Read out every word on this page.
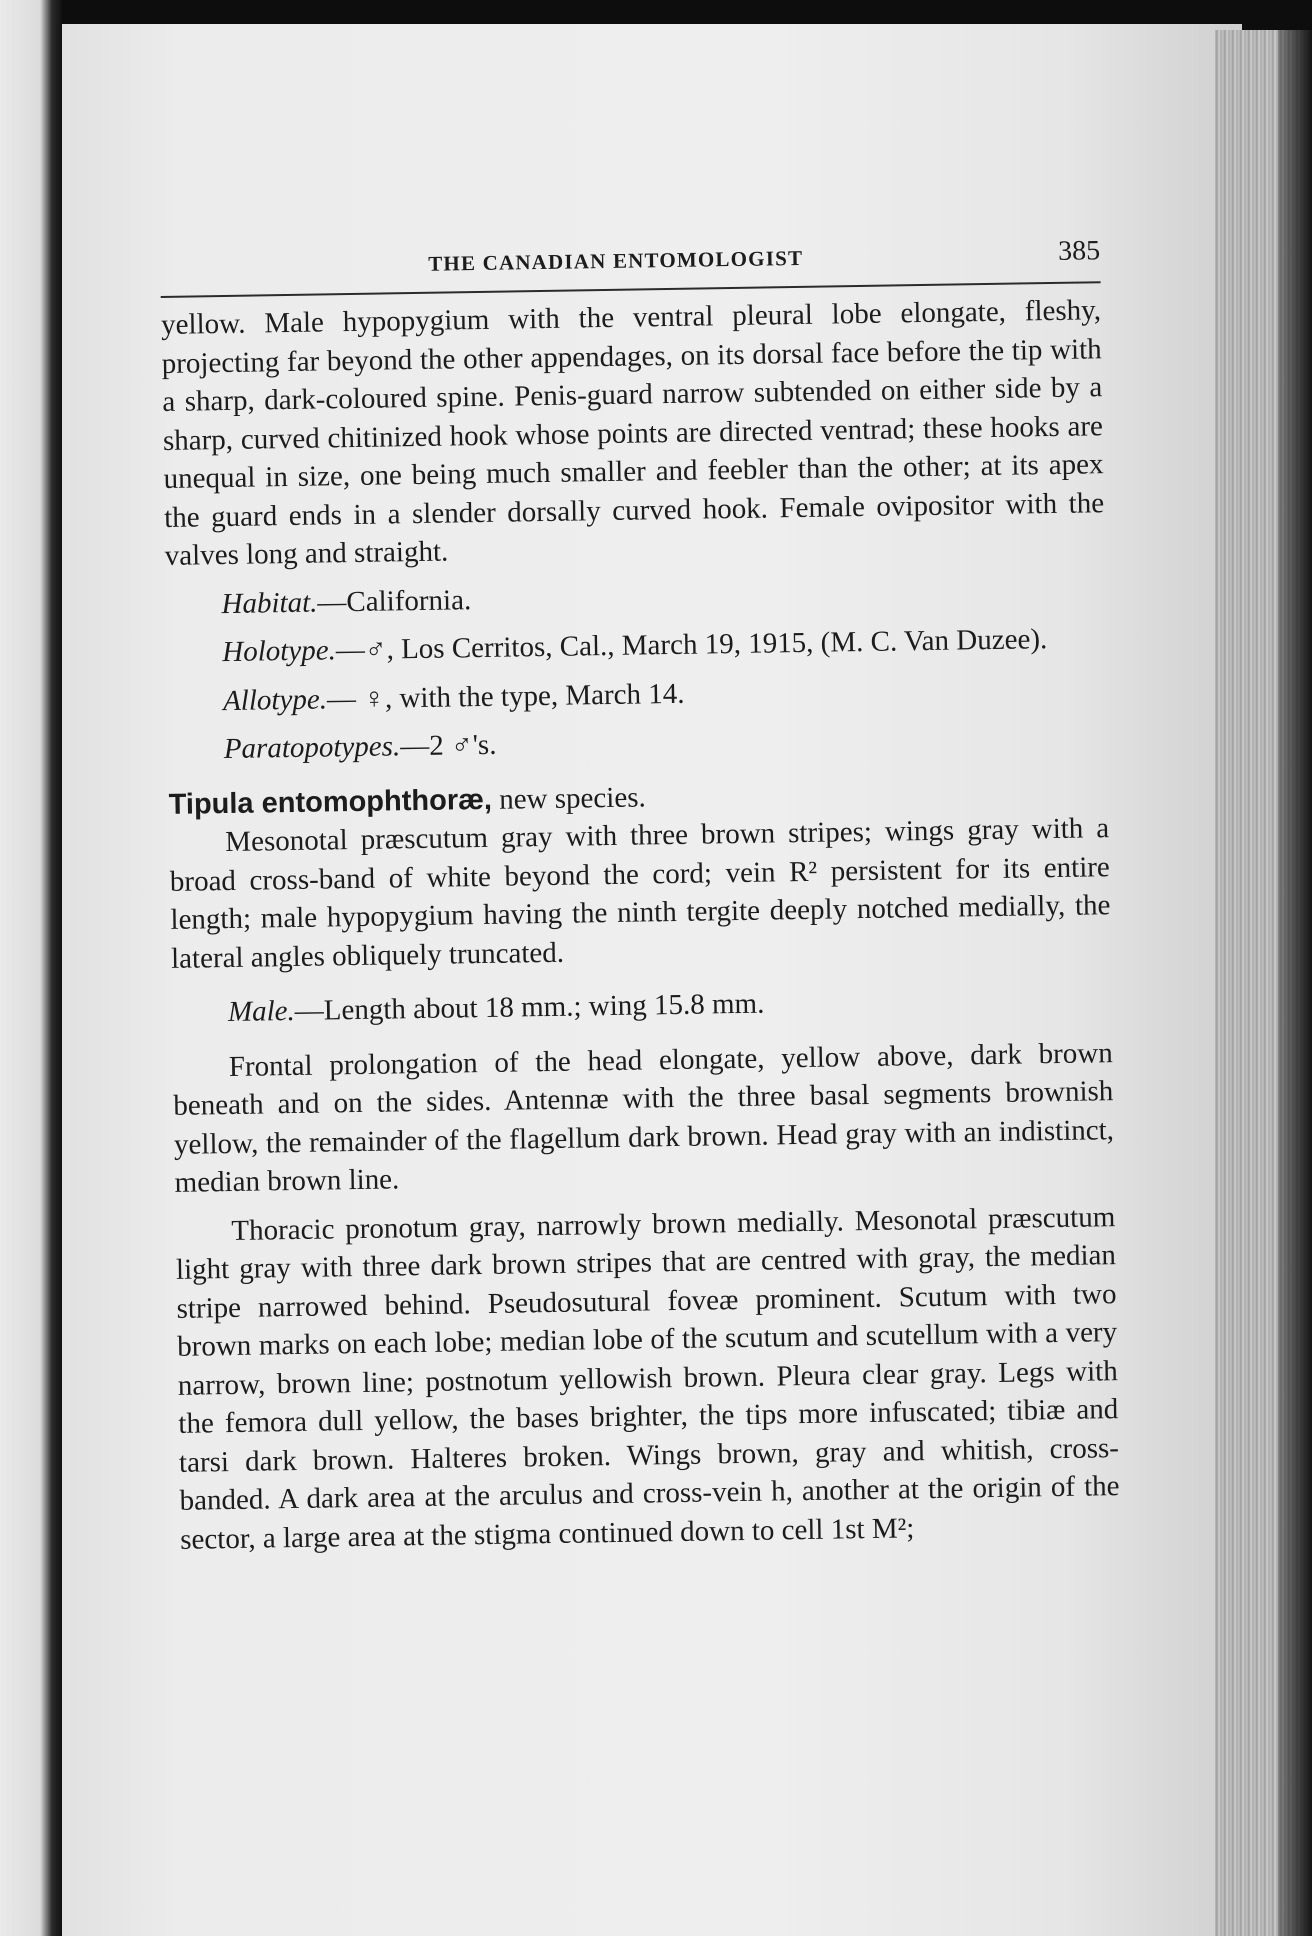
THE CANADIAN ENTOMOLOGIST	385

yellow. Male hypopygium with the ventral pleural lobe elongate, fleshy, projecting far beyond the other appendages, on its dorsal face before the tip with a sharp, dark-coloured spine. Penis-guard narrow subtended on either side by a sharp, curved chitinized hook whose points are directed ventrad; these hooks are unequal in size, one being much smaller and feebler than the other; at its apex the guard ends in a slender dorsally curved hook. Female ovipositor with the valves long and straight.

Habitat.—California.

Holotype.—♂, Los Cerritos, Cal., March 19, 1915, (M. C. Van Duzee).

Allotype.— ♀, with the type, March 14.

Paratopotypes.—2 ♂'s.

Tipula entomophthoræ, new species.

Mesonotal præscutum gray with three brown stripes; wings gray with a broad cross-band of white beyond the cord; vein R² persistent for its entire length; male hypopygium having the ninth tergite deeply notched medially, the lateral angles obliquely truncated.

Male.—Length about 18 mm.; wing 15.8 mm.

Frontal prolongation of the head elongate, yellow above, dark brown beneath and on the sides. Antennæ with the three basal segments brownish yellow, the remainder of the flagellum dark brown. Head gray with an indistinct, median brown line.

Thoracic pronotum gray, narrowly brown medially. Mesonotal præscutum light gray with three dark brown stripes that are centred with gray, the median stripe narrowed behind. Pseudosutural foveæ prominent. Scutum with two brown marks on each lobe; median lobe of the scutum and scutellum with a very narrow, brown line; postnotum yellowish brown. Pleura clear gray. Legs with the femora dull yellow, the bases brighter, the tips more infuscated; tibiæ and tarsi dark brown. Halteres broken. Wings brown, gray and whitish, cross-banded. A dark area at the arculus and cross-vein h, another at the origin of the sector, a large area at the stigma continued down to cell 1st M²;
